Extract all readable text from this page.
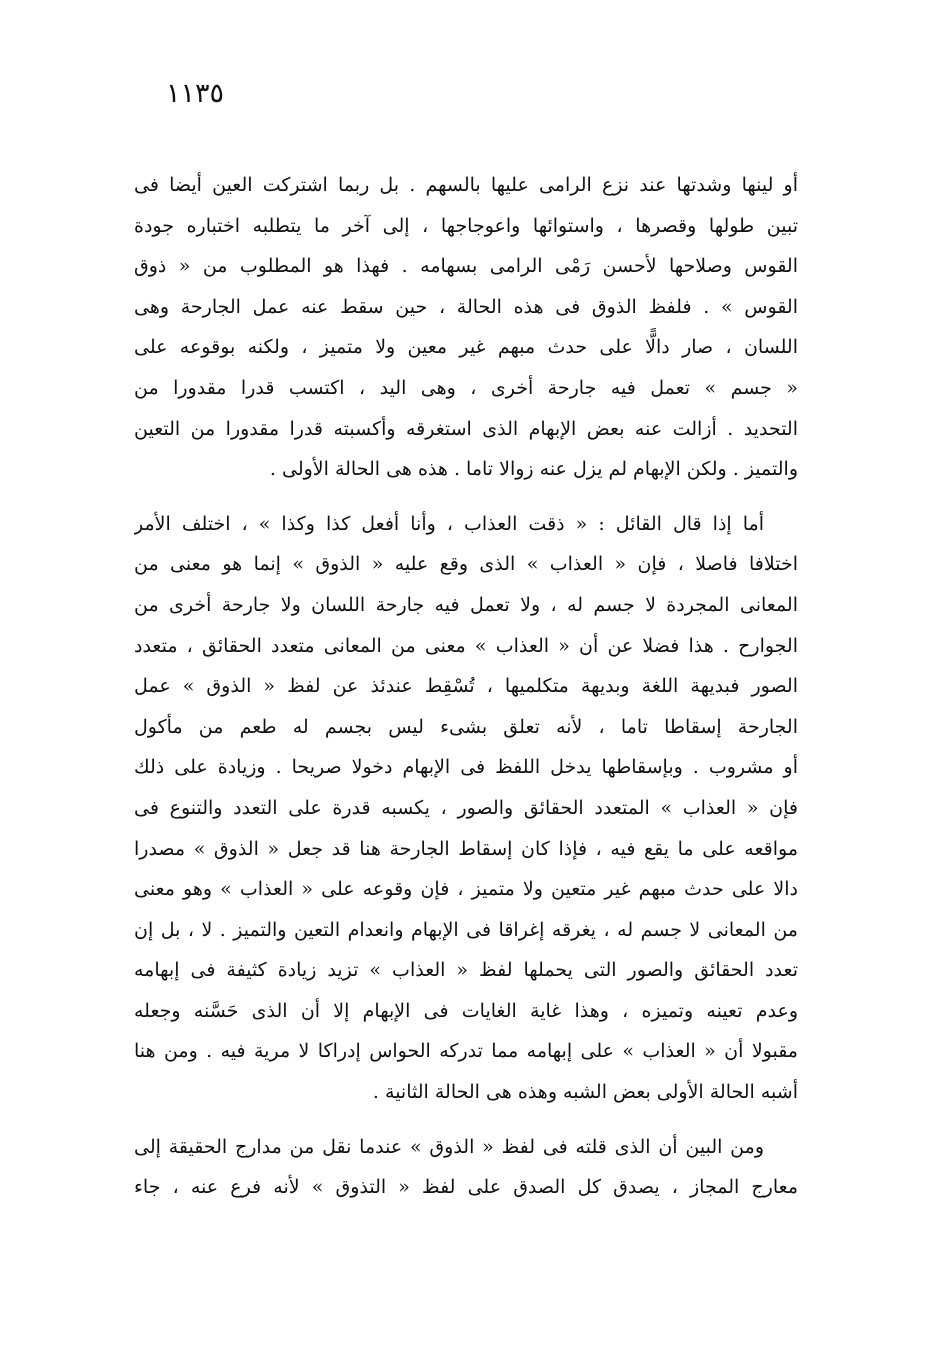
١١٣٥
أو لينها وشدتها عند نزع الرامى عليها بالسهم . بل ربما اشتركت العين أيضا فى
تبين طولها وقصرها ، واستوائها واعوجاجها ، إلى آخر ما يتطلبه اختباره جودة
القوس وصلاحها لأحسن رَمْى الرامى بسهامه . فهذا هو المطلوب من « ذوق
القوس » . فلفظ الذوق فى هذه الحالة ، حين سقط عنه عمل الجارحة وهى
اللسان ، صار دالًّا على حدث مبهم غير معين ولا متميز ، ولكنه بوقوعه على
« جسم » تعمل فيه جارحة أخرى ، وهى اليد ، اكتسب قدرا مقدورا من
التحديد . أزالت عنه بعض الإبهام الذى استغرقه وأكسبته قدرا مقدورا من التعين
والتميز . ولكن الإبهام لم يزل عنه زوالا تاما . هذه هى الحالة الأولى .
أما إذا قال القائل : « ذقت العذاب ، وأنا أفعل كذا وكذا » ، اختلف الأمر
اختلافا فاصلا ، فإن « العذاب » الذى وقع عليه « الذوق » إنما هو معنى من
المعانى المجردة لا جسم له ، ولا تعمل فيه جارحة اللسان ولا جارحة أخرى من
الجوارح . هذا فضلا عن أن « العذاب » معنى من المعانى متعدد الحقائق ، متعدد
الصور فبديهة اللغة وبديهة متكلميها ، تُسْقِط عندئذ عن لفظ « الذوق » عمل
الجارحة إسقاطا تاما ، لأنه تعلق بشىء ليس بجسم له طعم من مأكول
أو مشروب . وبإسقاطها يدخل اللفظ فى الإبهام دخولا صريحا . وزيادة على ذلك
فإن « العذاب » المتعدد الحقائق والصور ، يكسبه قدرة على التعدد والتنوع فى
مواقعه على ما يقع فيه ، فإذا كان إسقاط الجارحة هنا قد جعل « الذوق » مصدرا
دالا على حدث مبهم غير متعين ولا متميز ، فإن وقوعه على « العذاب » وهو معنى
من المعانى لا جسم له ، يغرقه إغراقا فى الإبهام وانعدام التعين والتميز . لا ، بل إن
تعدد الحقائق والصور التى يحملها لفظ « العذاب » تزيد زيادة كثيفة فى إبهامه
وعدم تعينه وتميزه ، وهذا غاية الغايات فى الإبهام إلا أن الذى حَسَّنه وجعله
مقبولا أن « العذاب » على إبهامه مما تدركه الحواس إدراكا لا مرية فيه . ومن هنا
أشبه الحالة الأولى بعض الشبه وهذه هى الحالة الثانية .
ومن البين أن الذى قلته فى لفظ « الذوق » عندما نقل من مدارج الحقيقة إلى
معارج المجاز ، يصدق كل الصدق على لفظ « التذوق » لأنه فرع عنه ، جاء
